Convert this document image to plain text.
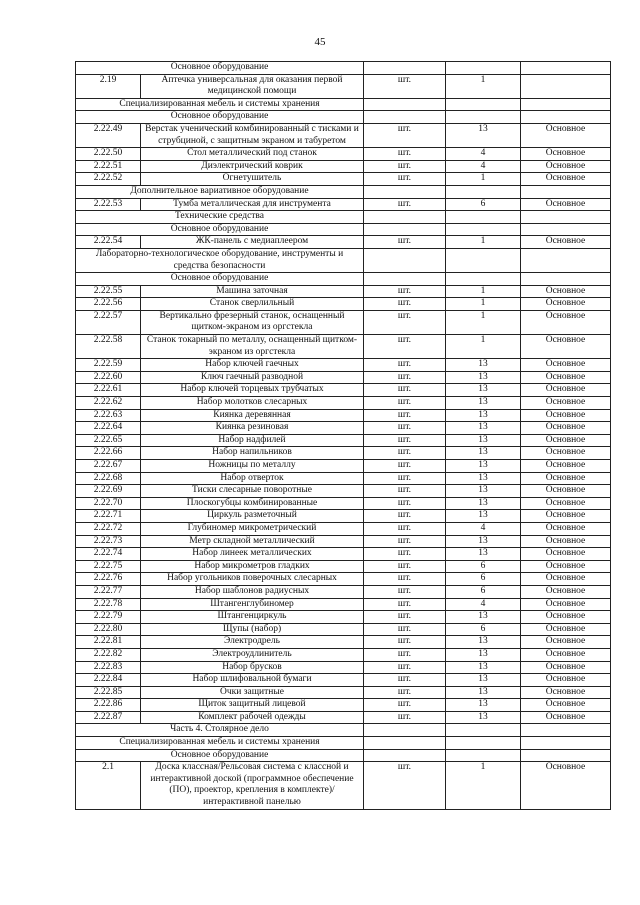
45
Основное оборудование				
2.19	Аптечка универсальная для оказания первой медицинской помощи	шт.	1	
Специализированная мебель и системы хранения				
Основное оборудование				
2.22.49	Верстак ученический комбинированный с тисками и струбциной, с защитным экраном и табуретом	шт.	13	Основное
2.22.50	Стол металлический под станок	шт.	4	Основное
2.22.51	Диэлектрический коврик	шт.	4	Основное
2.22.52	Огнетушитель	шт.	1	Основное
Дополнительное вариативное оборудование				
2.22.53	Тумба металлическая для инструмента	шт.	6	Основное
Технические средства				
Основное оборудование				
2.22.54	ЖК-панель с медиаплеером	шт.	1	Основное
Лабораторно-технологическое оборудование, инструменты и средства безопасности				
Основное оборудование				
2.22.55	Машина заточная	шт.	1	Основное
2.22.56	Станок сверлильный	шт.	1	Основное
2.22.57	Вертикально фрезерный станок, оснащенный щитком-экраном из оргстекла	шт.	1	Основное
2.22.58	Станок токарный по металлу, оснащенный щитком-экраном из оргстекла	шт.	1	Основное
2.22.59	Набор ключей гаечных	шт.	13	Основное
2.22.60	Ключ гаечный разводной	шт.	13	Основное
2.22.61	Набор ключей торцевых трубчатых	шт.	13	Основное
2.22.62	Набор молотков слесарных	шт.	13	Основное
2.22.63	Киянка деревянная	шт.	13	Основное
2.22.64	Киянка резиновая	шт.	13	Основное
2.22.65	Набор надфилей	шт.	13	Основное
2.22.66	Набор напильников	шт.	13	Основное
2.22.67	Ножницы по металлу	шт.	13	Основное
2.22.68	Набор отверток	шт.	13	Основное
2.22.69	Тиски слесарные поворотные	шт.	13	Основное
2.22.70	Плоскогубцы комбинированные	шт.	13	Основное
2.22.71	Циркуль разметочный	шт.	13	Основное
2.22.72	Глубиномер микрометрический	шт.	4	Основное
2.22.73	Метр складной металлический	шт.	13	Основное
2.22.74	Набор линеек металлических	шт.	13	Основное
2.22.75	Набор микрометров гладких	шт.	6	Основное
2.22.76	Набор угольников поверочных слесарных	шт.	6	Основное
2.22.77	Набор шаблонов радиусных	шт.	6	Основное
2.22.78	Штангенглубиномер	шт.	4	Основное
2.22.79	Штангенциркуль	шт.	13	Основное
2.22.80	Щупы (набор)	шт.	6	Основное
2.22.81	Электродрель	шт.	13	Основное
2.22.82	Электроудлинитель	шт.	13	Основное
2.22.83	Набор брусков	шт.	13	Основное
2.22.84	Набор шлифовальной бумаги	шт.	13	Основное
2.22.85	Очки защитные	шт.	13	Основное
2.22.86	Щиток защитный лицевой	шт.	13	Основное
2.22.87	Комплект рабочей одежды	шт.	13	Основное
Часть 4. Столярное дело				
Специализированная мебель и системы хранения				
Основное оборудование				
2.1	Доска классная/Рельсовая система с классной и интерактивной доской (программное обеспечение (ПО), проектор, крепления в комплекте)/интерактивной панелью	шт.	1	Основное
